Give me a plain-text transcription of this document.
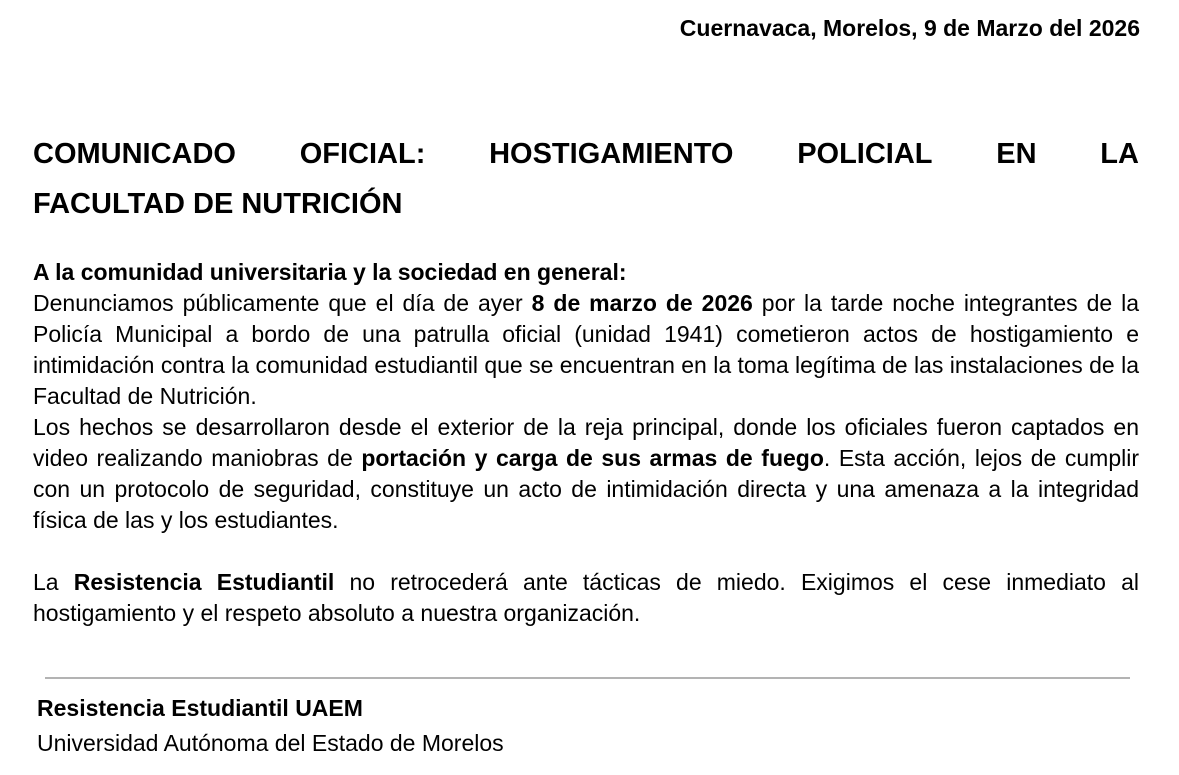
Cuernavaca, Morelos, 9 de Marzo del 2026
COMUNICADO OFICIAL: HOSTIGAMIENTO POLICIAL EN LA
FACULTAD DE NUTRICIÓN

A la comunidad universitaria y la sociedad en general:

Denunciamos públicamente que el día de ayer 8 de marzo de 2026 por la tarde noche integrantes de la Policía Municipal a bordo de una patrulla oficial (unidad 1941) cometieron actos de hostigamiento e intimidación contra la comunidad estudiantil que se encuentran en la toma legítima de las instalaciones de la Facultad de Nutrición.

Los hechos se desarrollaron desde el exterior de la reja principal, donde los oficiales fueron captados en video realizando maniobras de portación y carga de sus armas de fuego. Esta acción, lejos de cumplir con un protocolo de seguridad, constituye un acto de intimidación directa y una amenaza a la integridad física de las y los estudiantes.

La Resistencia Estudiantil no retrocederá ante tácticas de miedo. Exigimos el cese inmediato al hostigamiento y el respeto absoluto a nuestra organización.

Resistencia Estudiantil UAEM
Universidad Autónoma del Estado de Morelos
